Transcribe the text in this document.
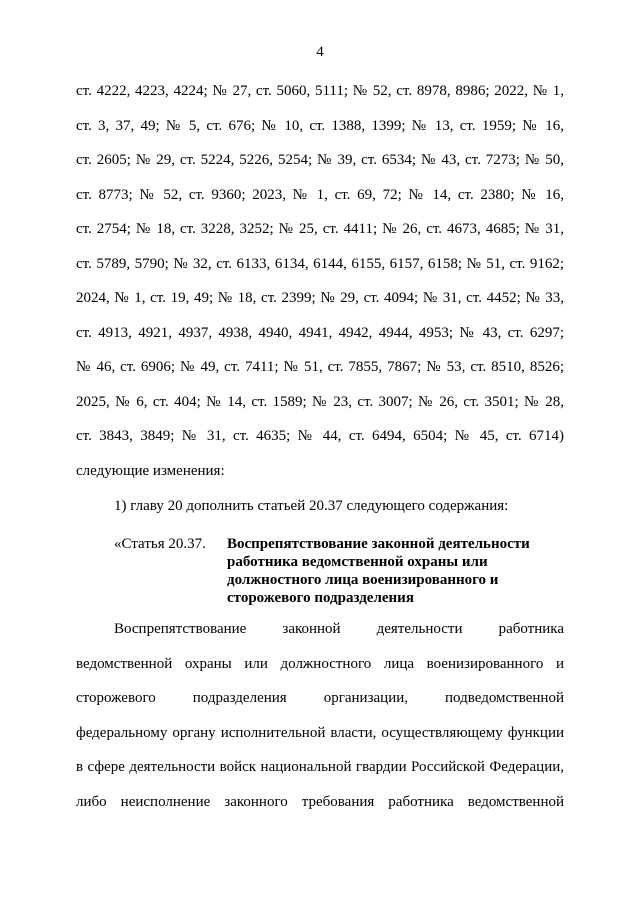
4
ст. 4222, 4223, 4224; № 27, ст. 5060, 5111; № 52, ст. 8978, 8986; 2022, № 1,
ст. 3, 37, 49; № 5, ст. 676; № 10, ст. 1388, 1399; № 13, ст. 1959; № 16,
ст. 2605; № 29, ст. 5224, 5226, 5254; № 39, ст. 6534; № 43, ст. 7273; № 50,
ст. 8773; № 52, ст. 9360; 2023, № 1, ст. 69, 72; № 14, ст. 2380; № 16,
ст. 2754; № 18, ст. 3228, 3252; № 25, ст. 4411; № 26, ст. 4673, 4685; № 31,
ст. 5789, 5790; № 32, ст. 6133, 6134, 6144, 6155, 6157, 6158; № 51, ст. 9162;
2024, № 1, ст. 19, 49; № 18, ст. 2399; № 29, ст. 4094; № 31, ст. 4452; № 33,
ст. 4913, 4921, 4937, 4938, 4940, 4941, 4942, 4944, 4953; № 43, ст. 6297;
№ 46, ст. 6906; № 49, ст. 7411; № 51, ст. 7855, 7867; № 53, ст. 8510, 8526;
2025, № 6, ст. 404; № 14, ст. 1589; № 23, ст. 3007; № 26, ст. 3501; № 28,
ст. 3843, 3849; № 31, ст. 4635; № 44, ст. 6494, 6504; № 45, ст. 6714)
следующие изменения:
1) главу 20 дополнить статьей 20.37 следующего содержания:
«Статья 20.37. Воспрепятствование законной деятельности
работника ведомственной охраны или
должностного лица военизированного и
сторожевого подразделения
Воспрепятствование законной деятельности работника
ведомственной охраны или должностного лица военизированного и
сторожевого подразделения организации, подведомственной
федеральному органу исполнительной власти, осуществляющему функции
в сфере деятельности войск национальной гвардии Российской Федерации,
либо неисполнение законного требования работника ведомственной
